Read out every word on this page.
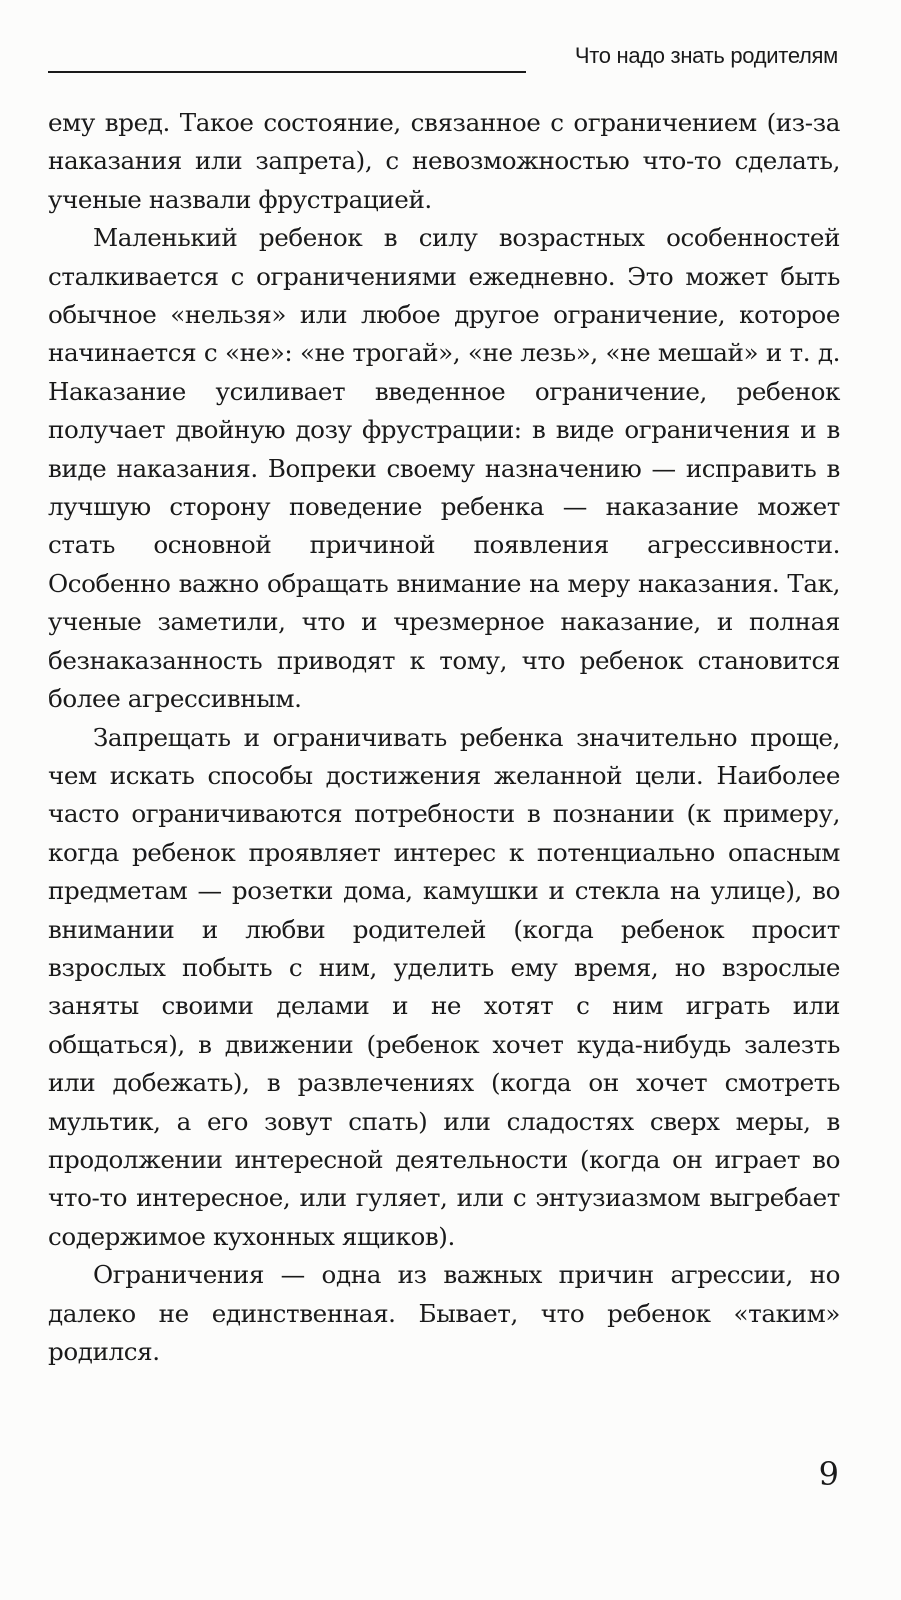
Что надо знать родителям

ему вред. Такое состояние, связанное с ограничением (из-за наказания или запрета), с невозможностью что-то сделать, ученые назвали фрустрацией.

Маленький ребенок в силу возрастных особенностей сталкивается с ограничениями ежедневно. Это может быть обычное «нельзя» или любое другое ограничение, которое начинается с «не»: «не трогай», «не лезь», «не мешай» и т. д. Наказание усиливает введенное ограничение, ребенок получает двойную дозу фрустрации: в виде ограничения и в виде наказания. Вопреки своему назначению — исправить в лучшую сторону поведение ребенка — наказание может стать основной причиной появления агрессивности. Особенно важно обращать внимание на меру наказания. Так, ученые заметили, что и чрезмерное наказание, и полная безнаказанность приводят к тому, что ребенок становится более агрессивным.

Запрещать и ограничивать ребенка значительно проще, чем искать способы достижения желанной цели. Наиболее часто ограничиваются потребности в познании (к примеру, когда ребенок проявляет интерес к потенциально опасным предметам — розетки дома, камушки и стекла на улице), во внимании и любви родителей (когда ребенок просит взрослых побыть с ним, уделить ему время, но взрослые заняты своими делами и не хотят с ним играть или общаться), в движении (ребенок хочет куда-нибудь залезть или добежать), в развлечениях (когда он хочет смотреть мультик, а его зовут спать) или сладостях сверх меры, в продолжении интересной деятельности (когда он играет во что-то интересное, или гуляет, или с энтузиазмом выгребает содержимое кухонных ящиков).

Ограничения — одна из важных причин агрессии, но далеко не единственная. Бывает, что ребенок «таким» родился.

9
